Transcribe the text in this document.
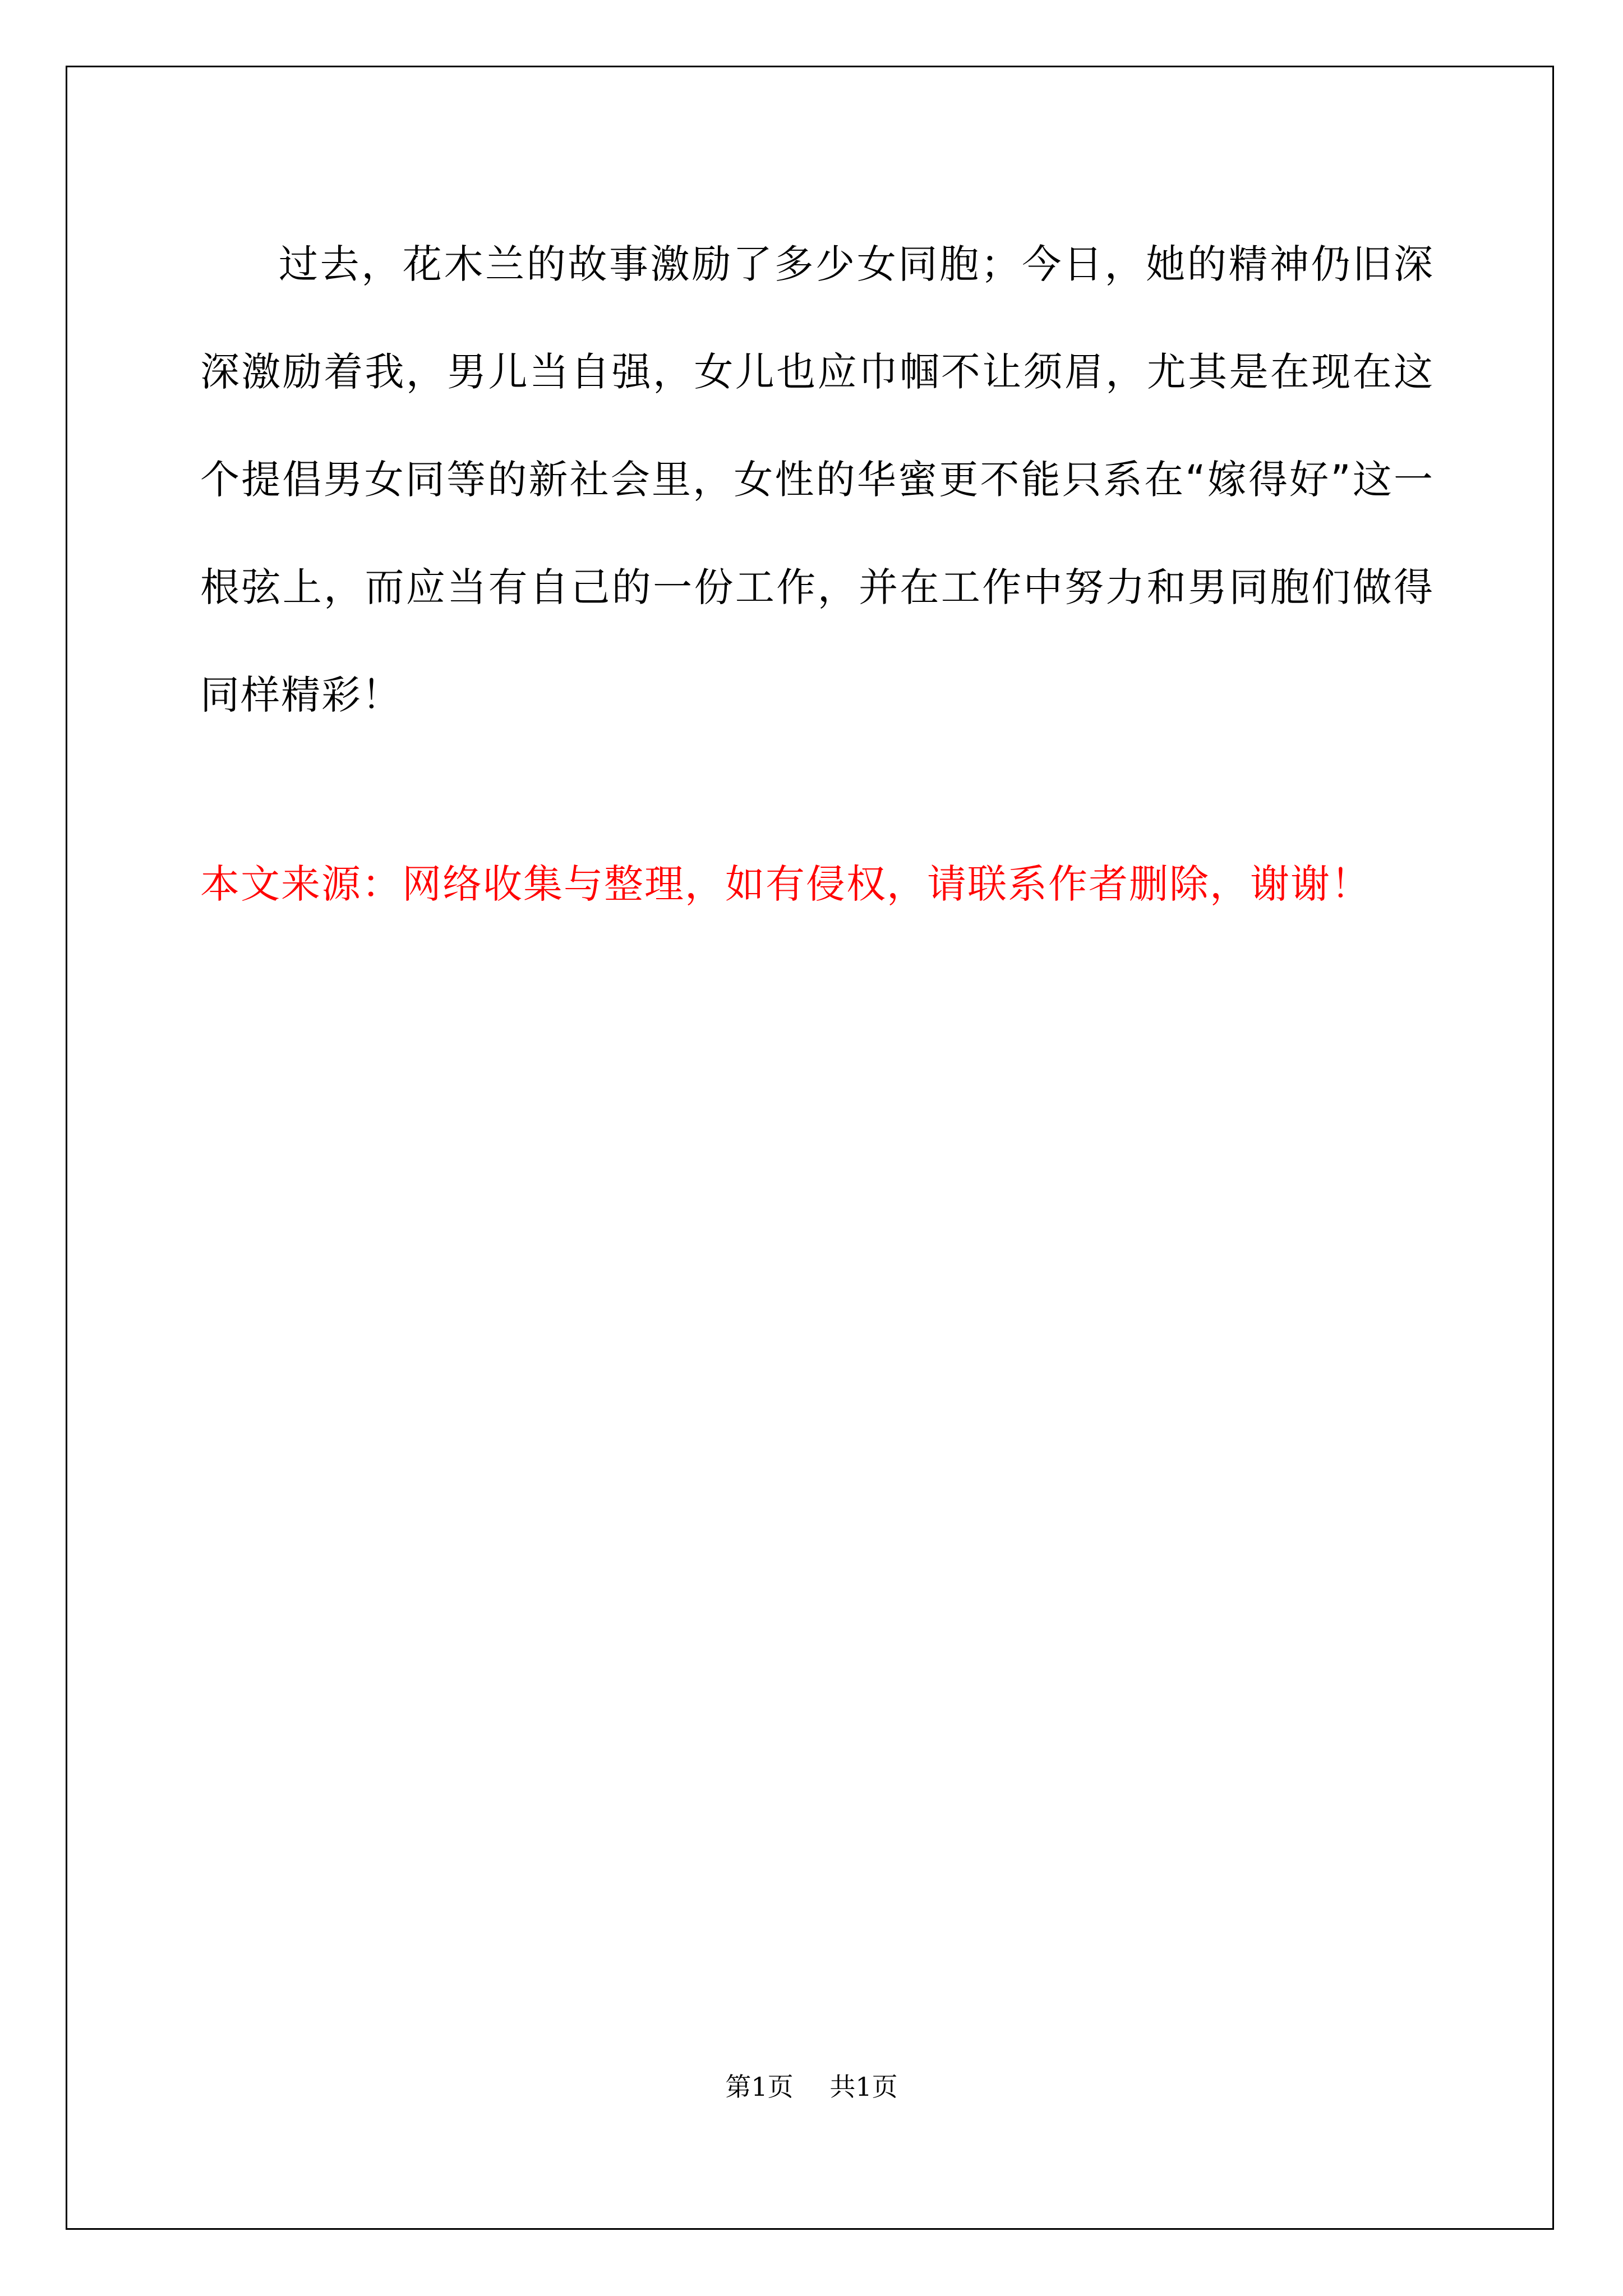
过去，花木兰的故事激励了多少女同胞；今日，她的精神仍旧深深激励着我，男儿当自强，女儿也应巾帼不让须眉，尤其是在现在这个提倡男女同等的新社会里，女性的华蜜更不能只系在“嫁得好”这一根弦上，而应当有自己的一份工作，并在工作中努力和男同胞们做得同样精彩！

本文来源：网络收集与整理，如有侵权，请联系作者删除，谢谢！

第1页 共1页
